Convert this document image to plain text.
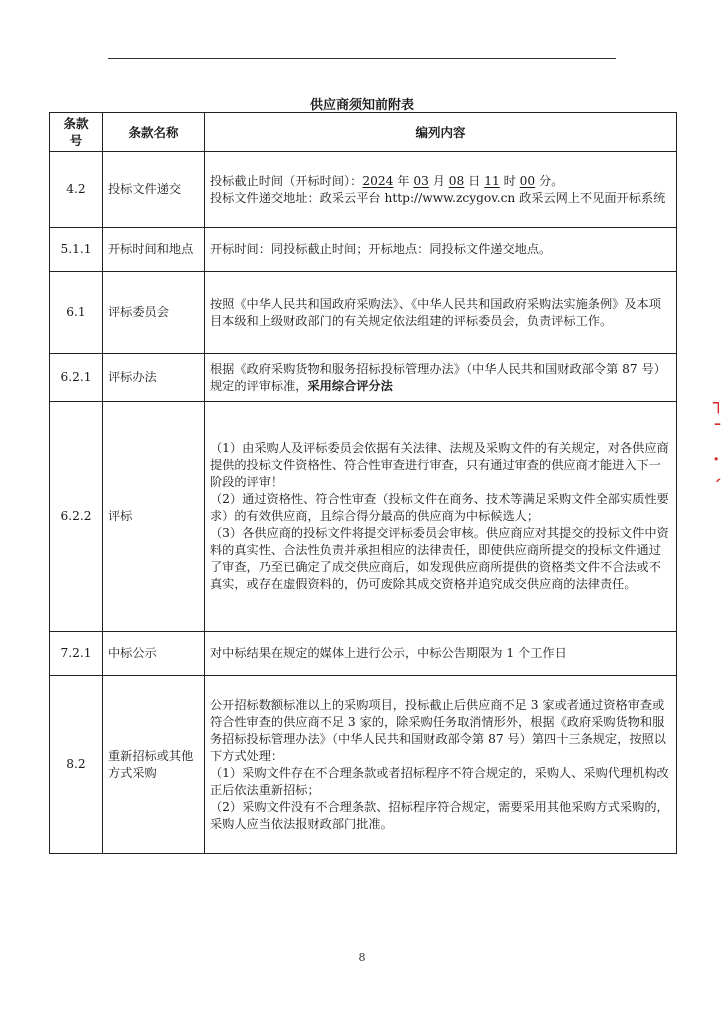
供应商须知前附表
条款号	条款名称	编列内容
4.2	投标文件递交	投标截止时间（开标时间）：2024 年 03 月 08 日 11 时 00 分。
投标文件递交地址：政采云平台 http://www.zcygov.cn 政采云网上不见面开标系统

5.1.1	开标时间和地点	开标时间：同投标截止时间；开标地点：同投标文件递交地点。
6.1	评标委员会	按照《中华人民共和国政府采购法》、《中华人民共和国政府采购法实施条例》及本项目本级和上级财政部门的有关规定依法组建的评标委员会，负责评标工作。
6.2.1	评标办法	根据《政府采购货物和服务招标投标管理办法》（中华人民共和国财政部令第 87 号）规定的评审标准，采用综合评分法
6.2.2	评标	（1）由采购人及评标委员会依据有关法律、法规及采购文件的有关规定，对各供应商提供的投标文件资格性、符合性审查进行审查，只有通过审查的供应商才能进入下一阶段的评审！
（2）通过资格性、符合性审查（投标文件在商务、技术等满足采购文件全部实质性要求）的有效供应商，且综合得分最高的供应商为中标候选人；
（3）各供应商的投标文件将提交评标委员会审核。供应商应对其提交的投标文件中资料的真实性、合法性负责并承担相应的法律责任，即使供应商所提交的投标文件通过了审查，乃至已确定了成交供应商后，如发现供应商所提供的资格类文件不合法或不真实，或存在虚假资料的，仍可废除其成交资格并追究成交供应商的法律责任。

7.2.1	中标公示	对中标结果在规定的媒体上进行公示，中标公告期限为 1 个工作日
8.2	重新招标或其他方式采购	公开招标数额标准以上的采购项目，投标截止后供应商不足 3 家或者通过资格审查或符合性审查的供应商不足 3 家的，除采购任务取消情形外，根据《政府采购货物和服务招标投标管理办法》（中华人民共和国财政部令第 87 号）第四十三条规定，按照以下方式处理：
（1）采购文件存在不合理条款或者招标程序不符合规定的，采购人、采购代理机构改正后依法重新招标；
（2）采购文件没有不合理条款、招标程序符合规定，需要采用其他采购方式采购的，采购人应当依法报财政部门批准。
┐
ˉ
·
ˊ
8
